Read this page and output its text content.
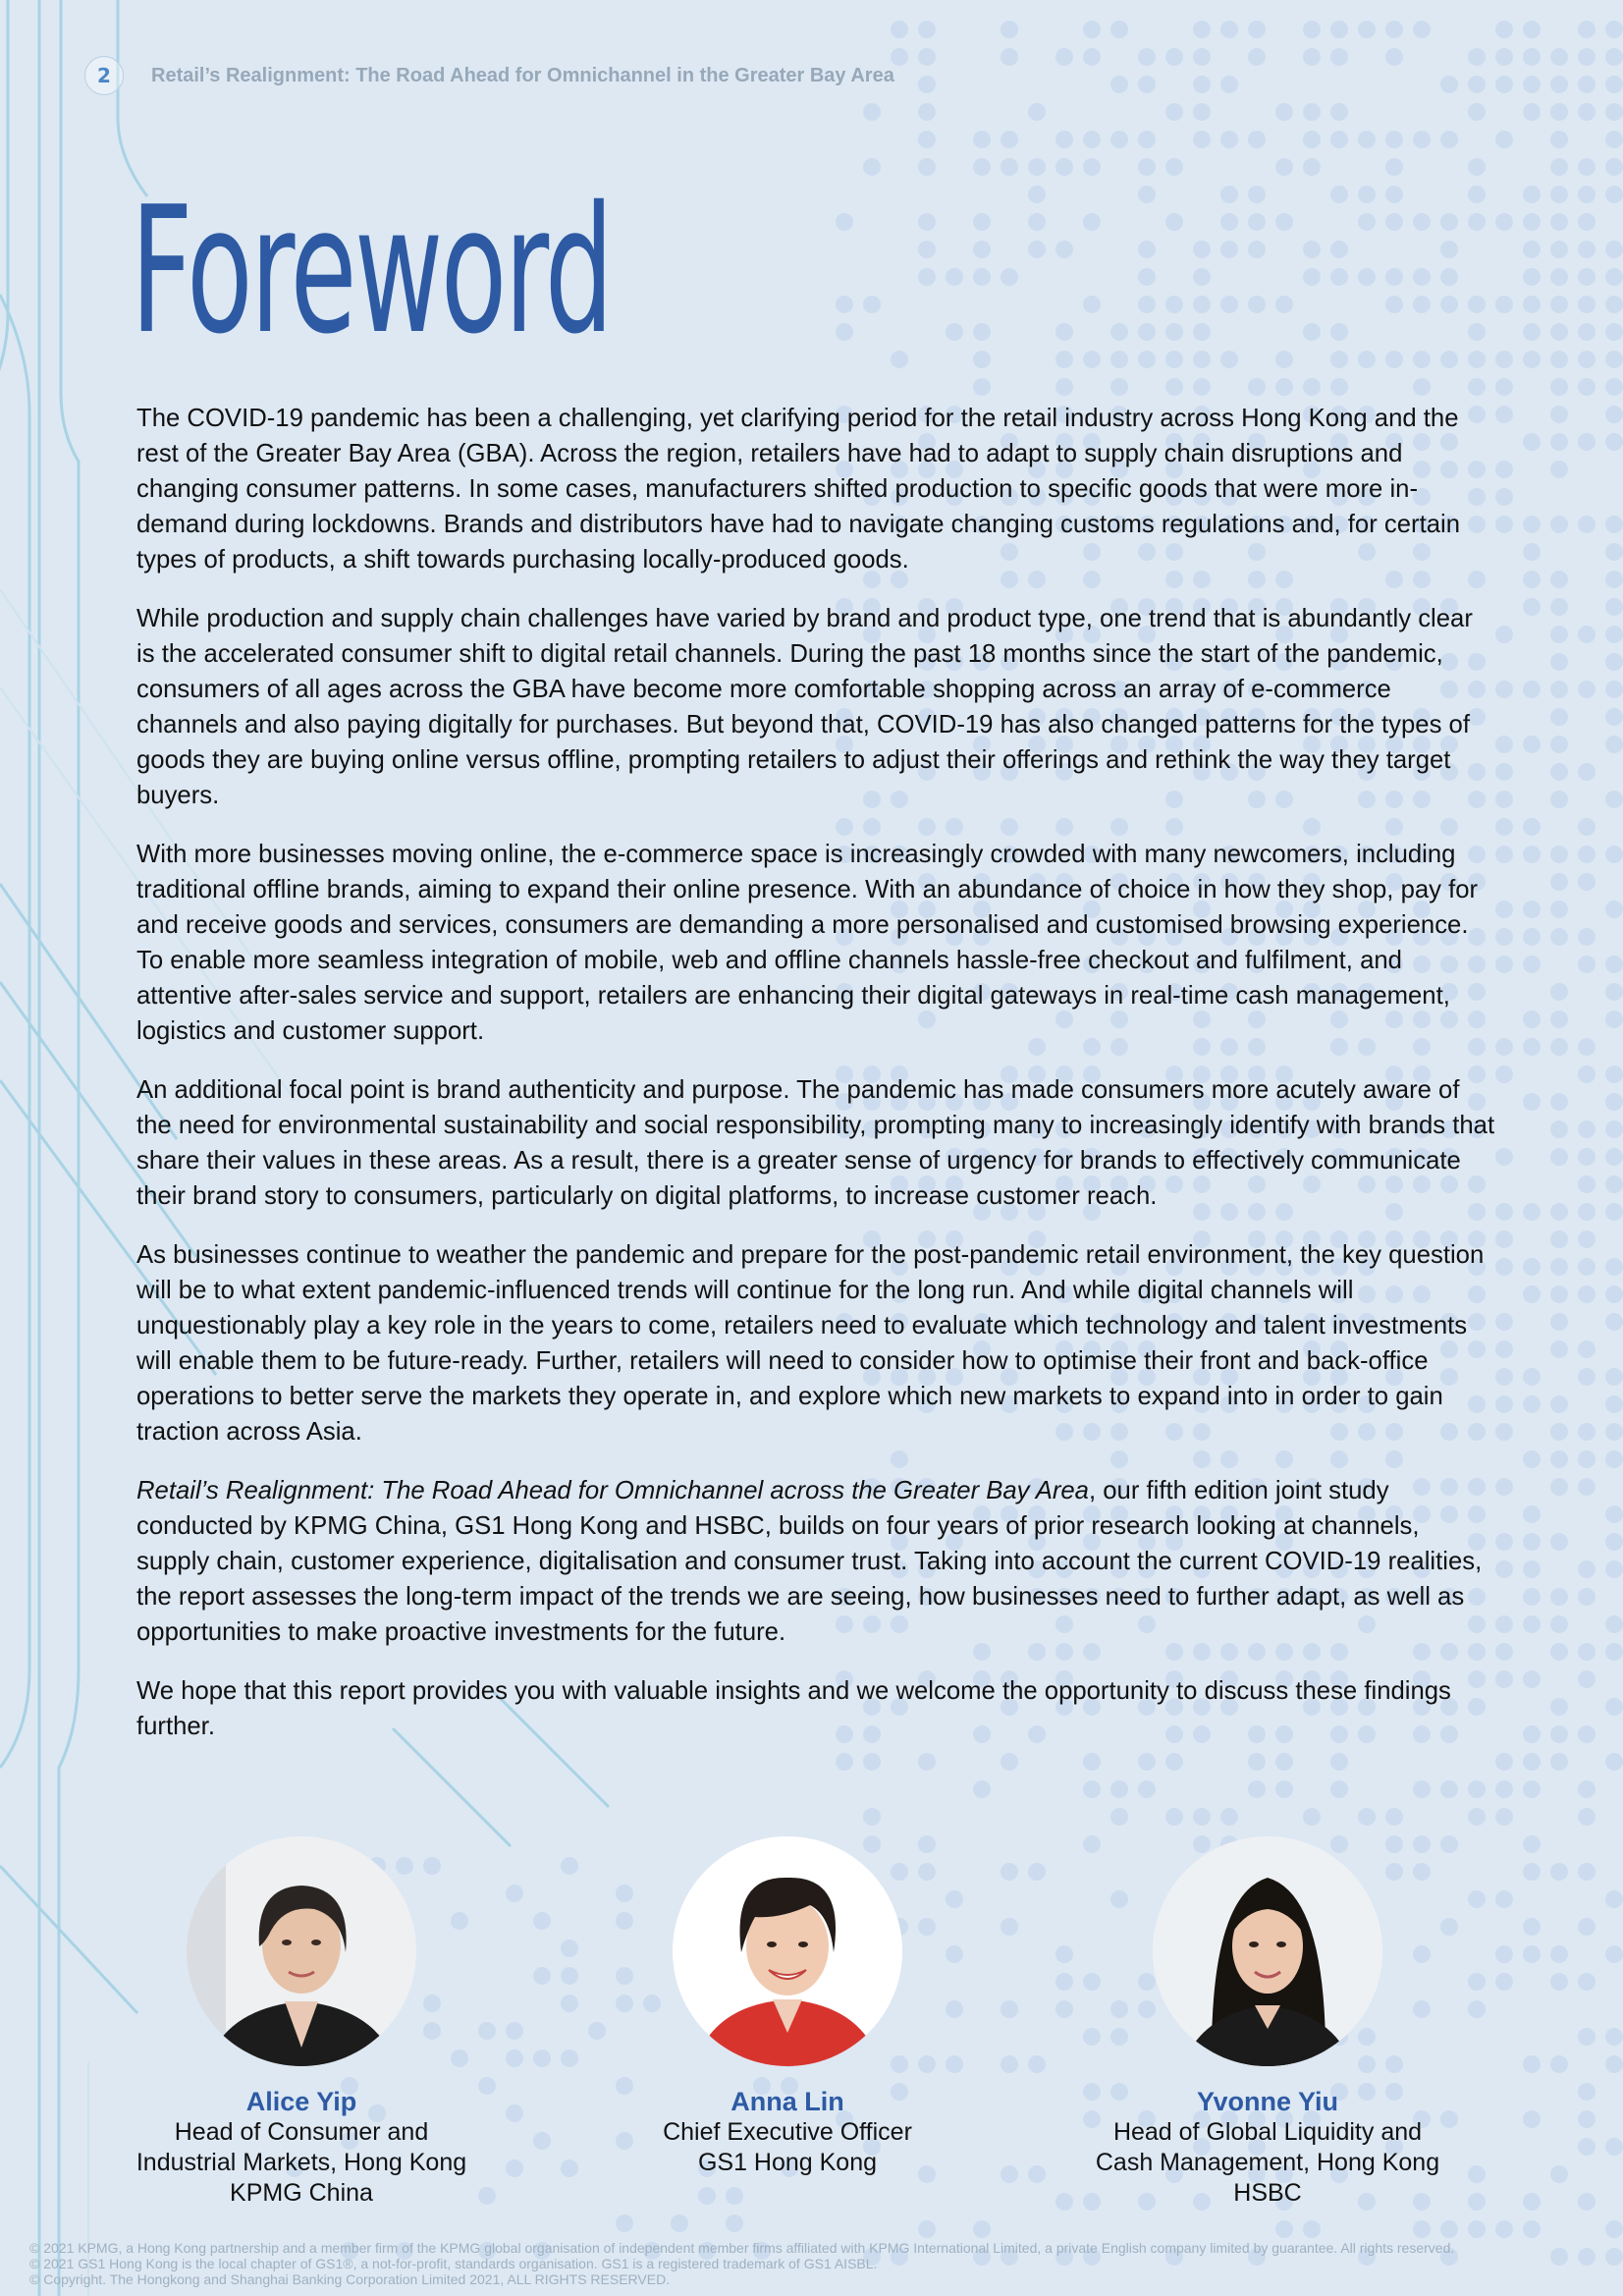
2	Retail’s Realignment: The Road Ahead for Omnichannel in the Greater Bay Area
Foreword

The COVID-19 pandemic has been a challenging, yet clarifying period for the retail industry across Hong Kong and the rest of the Greater Bay Area (GBA). Across the region, retailers have had to adapt to supply chain disruptions and changing consumer patterns. In some cases, manufacturers shifted production to specific goods that were more in-demand during lockdowns. Brands and distributors have had to navigate changing customs regulations and, for certain types of products, a shift towards purchasing locally-produced goods.

While production and supply chain challenges have varied by brand and product type, one trend that is abundantly clear is the accelerated consumer shift to digital retail channels. During the past 18 months since the start of the pandemic, consumers of all ages across the GBA have become more comfortable shopping across an array of e-commerce channels and also paying digitally for purchases. But beyond that, COVID-19 has also changed patterns for the types of goods they are buying online versus offline, prompting retailers to adjust their offerings and rethink the way they target buyers.

With more businesses moving online, the e-commerce space is increasingly crowded with many newcomers, including traditional offline brands, aiming to expand their online presence. With an abundance of choice in how they shop, pay for and receive goods and services, consumers are demanding a more personalised and customised browsing experience. To enable more seamless integration of mobile, web and offline channels hassle-free checkout and fulfilment, and attentive after-sales service and support, retailers are enhancing their digital gateways in real-time cash management, logistics and customer support.

An additional focal point is brand authenticity and purpose. The pandemic has made consumers more acutely aware of the need for environmental sustainability and social responsibility, prompting many to increasingly identify with brands that share their values in these areas. As a result, there is a greater sense of urgency for brands to effectively communicate their brand story to consumers, particularly on digital platforms, to increase customer reach.

As businesses continue to weather the pandemic and prepare for the post-pandemic retail environment, the key question will be to what extent pandemic-influenced trends will continue for the long run. And while digital channels will unquestionably play a key role in the years to come, retailers need to evaluate which technology and talent investments will enable them to be future-ready. Further, retailers will need to consider how to optimise their front and back-office operations to better serve the markets they operate in, and explore which new markets to expand into in order to gain traction across Asia.

Retail’s Realignment: The Road Ahead for Omnichannel across the Greater Bay Area, our fifth edition joint study conducted by KPMG China, GS1 Hong Kong and HSBC, builds on four years of prior research looking at channels, supply chain, customer experience, digitalisation and consumer trust. Taking into account the current COVID-19 realities, the report assesses the long-term impact of the trends we are seeing, how businesses need to further adapt, as well as opportunities to make proactive investments for the future.

We hope that this report provides you with valuable insights and we welcome the opportunity to discuss these findings further.

Alice Yip
Head of Consumer and
Industrial Markets, Hong Kong
KPMG China
Anna Lin
Chief Executive Officer
GS1 Hong Kong
Yvonne Yiu
Head of Global Liquidity and
Cash Management, Hong Kong
HSBC
© 2021 KPMG, a Hong Kong partnership and a member firm of the KPMG global organisation of independent member firms affiliated with KPMG International Limited, a private English company limited by guarantee. All rights reserved.
© 2021 GS1 Hong Kong is the local chapter of GS1®, a not-for-profit, standards organisation. GS1 is a registered trademark of GS1 AISBL.
© Copyright. The Hongkong and Shanghai Banking Corporation Limited 2021, ALL RIGHTS RESERVED.
